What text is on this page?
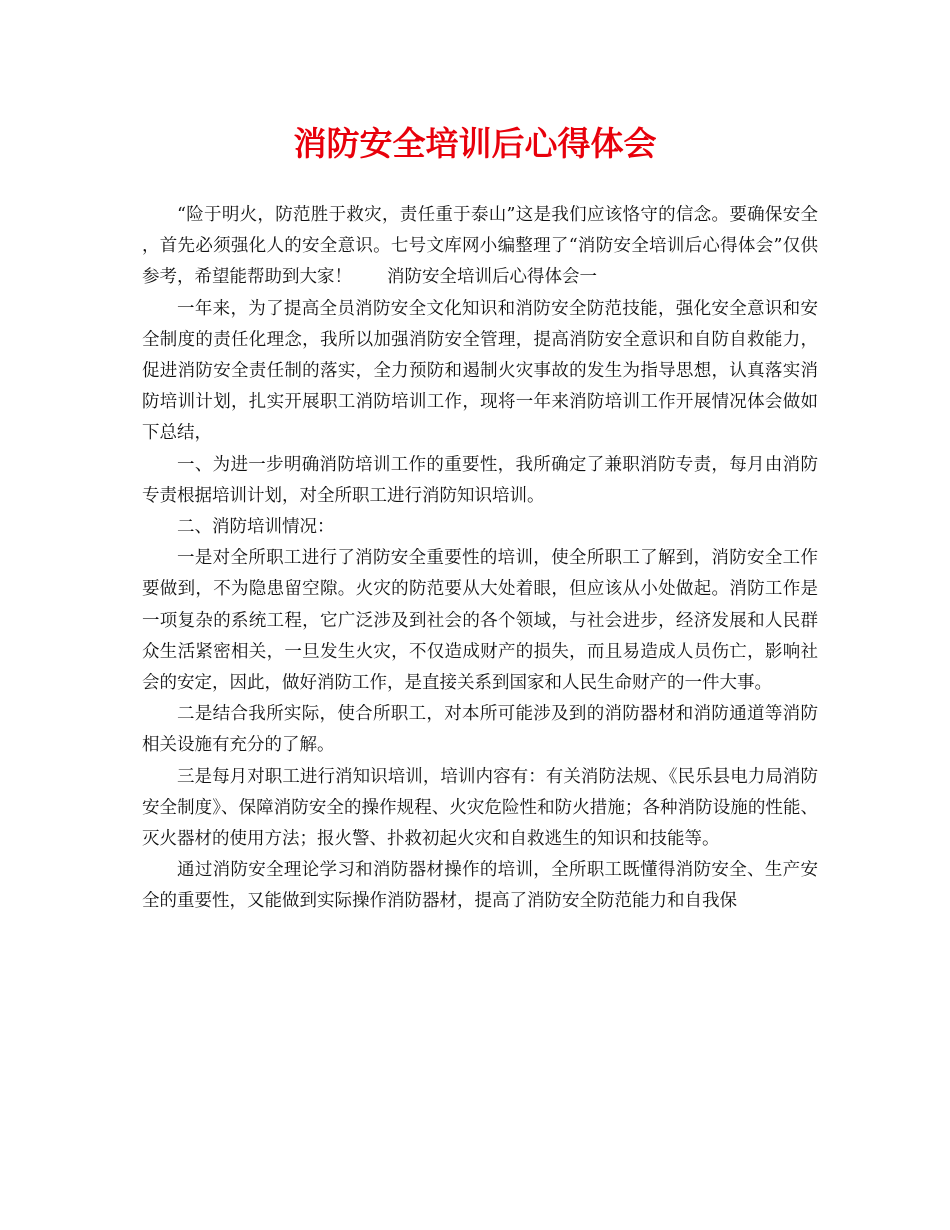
消防安全培训后心得体会

“险于明火，防范胜于救灾，责任重于泰山”这是我们应该恪守的信念。要确保安全，首先必须强化人的安全意识。七号文库网小编整理了“消防安全培训后心得体会”仅供参考，希望能帮助到大家！　　消防安全培训后心得体会一

一年来，为了提高全员消防安全文化知识和消防安全防范技能，强化安全意识和安全制度的责任化理念，我所以加强消防安全管理，提高消防安全意识和自防自救能力，促进消防安全责任制的落实，全力预防和遏制火灾事故的发生为指导思想，认真落实消防培训计划，扎实开展职工消防培训工作，现将一年来消防培训工作开展情况体会做如下总结，

一、为进一步明确消防培训工作的重要性，我所确定了兼职消防专责，每月由消防专责根据培训计划，对全所职工进行消防知识培训。

二、消防培训情况：

一是对全所职工进行了消防安全重要性的培训，使全所职工了解到，消防安全工作要做到，不为隐患留空隙。火灾的防范要从大处着眼，但应该从小处做起。消防工作是一项复杂的系统工程，它广泛涉及到社会的各个领域，与社会进步，经济发展和人民群众生活紧密相关，一旦发生火灾，不仅造成财产的损失，而且易造成人员伤亡，影响社会的安定，因此，做好消防工作，是直接关系到国家和人民生命财产的一件大事。

二是结合我所实际，使合所职工，对本所可能涉及到的消防器材和消防通道等消防相关设施有充分的了解。

三是每月对职工进行消知识培训，培训内容有：有关消防法规、《民乐县电力局消防安全制度》、保障消防安全的操作规程、火灾危险性和防火措施；各种消防设施的性能、灭火器材的使用方法；报火警、扑救初起火灾和自救逃生的知识和技能等。

通过消防安全理论学习和消防器材操作的培训，全所职工既懂得消防安全、生产安全的重要性，又能做到实际操作消防器材，提高了消防安全防范能力和自我保
